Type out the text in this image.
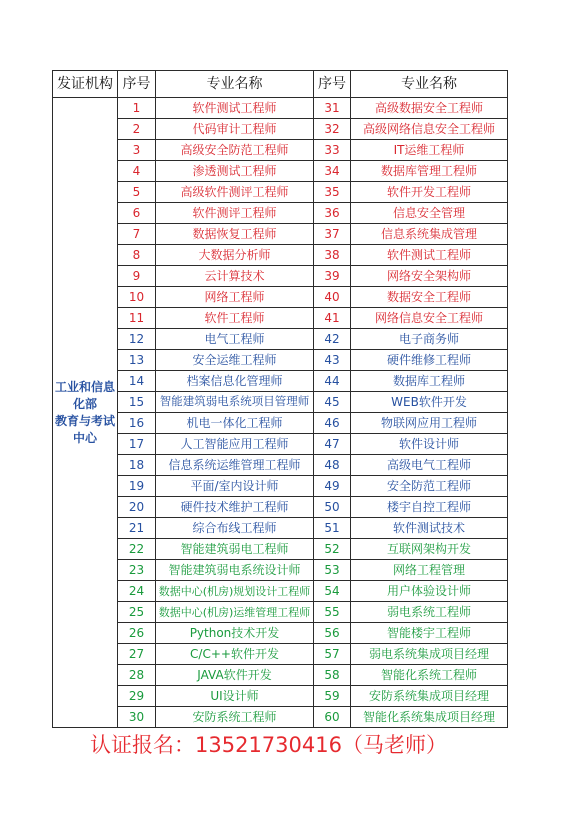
发证机构	序号	专业名称	序号	专业名称

工业和信息
化部
教育与考试
中心	1	软件测试工程师	31	高级数据安全工程师
	2	代码审计工程师	32	高级网络信息安全工程师
	3	高级安全防范工程师	33	IT运维工程师
	4	渗透测试工程师	34	数据库管理工程师
	5	高级软件测评工程师	35	软件开发工程师
	6	软件测评工程师	36	信息安全管理
	7	数据恢复工程师	37	信息系统集成管理
	8	大数据分析师	38	软件测试工程师
	9	云计算技术	39	网络安全架构师
	10	网络工程师	40	数据安全工程师
	11	软件工程师	41	网络信息安全工程师
	12	电气工程师	42	电子商务师
	13	安全运维工程师	43	硬件维修工程师
	14	档案信息化管理师	44	数据库工程师
	15	智能建筑弱电系统项目管理师	45	WEB软件开发
	16	机电一体化工程师	46	物联网应用工程师
	17	人工智能应用工程师	47	软件设计师
	18	信息系统运维管理工程师	48	高级电气工程师
	19	平面/室内设计师	49	安全防范工程师
	20	硬件技术维护工程师	50	楼宇自控工程师
	21	综合布线工程师	51	软件测试技术
	22	智能建筑弱电工程师	52	互联网架构开发
	23	智能建筑弱电系统设计师	53	网络工程管理
	24	数据中心(机房)规划设计工程师	54	用户体验设计师
	25	数据中心(机房)运维管理工程师	55	弱电系统工程师
	26	Python技术开发	56	智能楼宇工程师
	27	C/C++软件开发	57	弱电系统集成项目经理
	28	JAVA软件开发	58	智能化系统工程师
	29	UI设计师	59	安防系统集成项目经理
	30	安防系统工程师	60	智能化系统集成项目经理
认证报名：13521730416（马老师）
